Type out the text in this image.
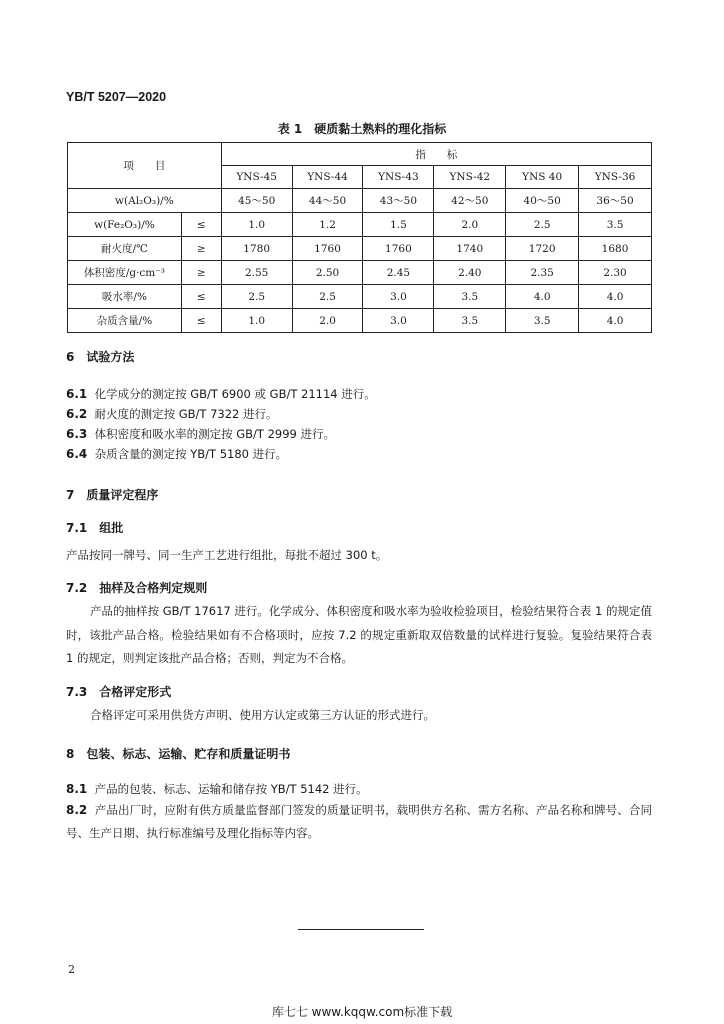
YB/T 5207—2020
表 1　硬质黏土熟料的理化指标
项　　目		指　　标					
		YNS-45	YNS-44	YNS-43	YNS-42	YNS 40	YNS-36
w(Al₂O₃)/%		45～50	44～50	43～50	42～50	40～50	36～50
w(Fe₂O₃)/%	≤	1.0	1.2	1.5	2.0	2.5	3.5
耐火度/℃	≥	1780	1760	1760	1740	1720	1680
体积密度/g·cm⁻³	≥	2.55	2.50	2.45	2.40	2.35	2.30
吸水率/%	≤	2.5	2.5	3.0	3.5	4.0	4.0
杂质含量/%	≤	1.0	2.0	3.0	3.5	3.5	4.0
6　试验方法
6.1 化学成分的测定按 GB/T 6900 或 GB/T 21114 进行。
6.2 耐火度的测定按 GB/T 7322 进行。
6.3 体积密度和吸水率的测定按 GB/T 2999 进行。
6.4 杂质含量的测定按 YB/T 5180 进行。
7　质量评定程序
7.1　组批
产品按同一牌号、同一生产工艺进行组批，每批不超过 300 t。
7.2　抽样及合格判定规则
产品的抽样按 GB/T 17617 进行。化学成分、体积密度和吸水率为验收检验项目，检验结果符合表 1 的规定值时，该批产品合格。检验结果如有不合格项时，应按 7.2 的规定重新取双倍数量的试样进行复验。复验结果符合表 1 的规定，则判定该批产品合格；否则，判定为不合格。
7.3　合格评定形式
合格评定可采用供货方声明、使用方认定或第三方认证的形式进行。
8　包装、标志、运输、贮存和质量证明书
8.1 产品的包装、标志、运输和储存按 YB/T 5142 进行。
8.2 产品出厂时，应附有供方质量监督部门签发的质量证明书，载明供方名称、需方名称、产品名称和牌号、合同号、生产日期、执行标准编号及理化指标等内容。
2
库七七 www.kqqw.com标准下载
